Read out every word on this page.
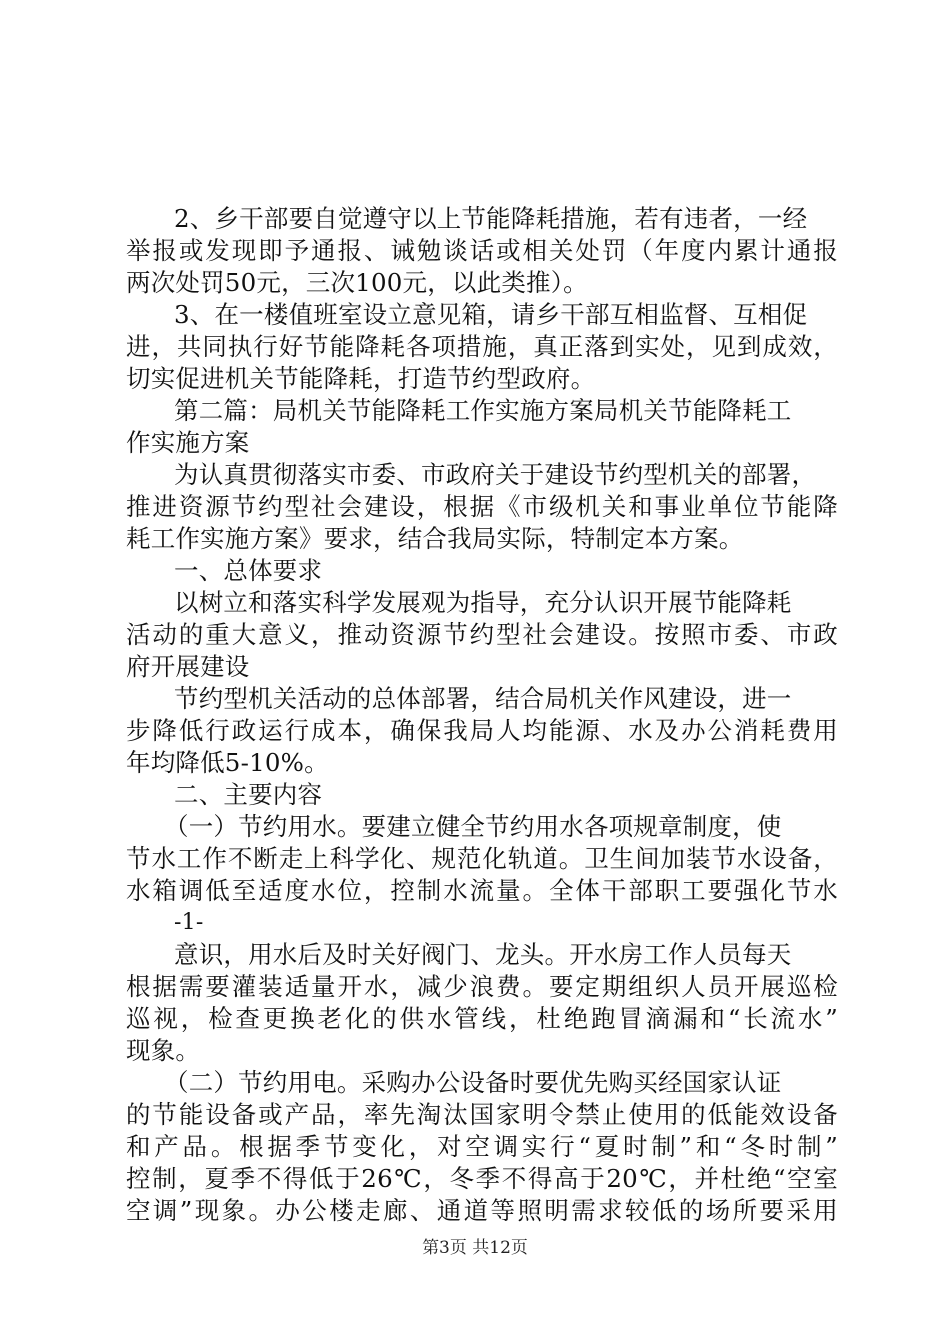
2、乡干部要自觉遵守以上节能降耗措施，若有违者，一经
举报或发现即予通报、诫勉谈话或相关处罚（年度内累计通报
两次处罚50元，三次100元，以此类推）。
3、在一楼值班室设立意见箱，请乡干部互相监督、互相促
进，共同执行好节能降耗各项措施，真正落到实处，见到成效，
切实促进机关节能降耗，打造节约型政府。
第二篇：局机关节能降耗工作实施方案局机关节能降耗工
作实施方案
为认真贯彻落实市委、市政府关于建设节约型机关的部署，
推进资源节约型社会建设，根据《市级机关和事业单位节能降
耗工作实施方案》要求，结合我局实际，特制定本方案。
一、总体要求
以树立和落实科学发展观为指导，充分认识开展节能降耗
活动的重大意义，推动资源节约型社会建设。按照市委、市政
府开展建设
节约型机关活动的总体部署，结合局机关作风建设，进一
步降低行政运行成本，确保我局人均能源、水及办公消耗费用
年均降低5-10%。
二、主要内容
（一）节约用水。要建立健全节约用水各项规章制度，使
节水工作不断走上科学化、规范化轨道。卫生间加装节水设备，
水箱调低至适度水位，控制水流量。全体干部职工要强化节水
-1-
意识，用水后及时关好阀门、龙头。开水房工作人员每天
根据需要灌装适量开水，减少浪费。要定期组织人员开展巡检
巡视，检查更换老化的供水管线，杜绝跑冒滴漏和“长流水”
现象。
（二）节约用电。采购办公设备时要优先购买经国家认证
的节能设备或产品，率先淘汰国家明令禁止使用的低能效设备
和产品。根据季节变化，对空调实行“夏时制”和“冬时制”
控制，夏季不得低于26℃，冬季不得高于20℃，并杜绝“空室
空调”现象。办公楼走廊、通道等照明需求较低的场所要采用
第3页 共12页
